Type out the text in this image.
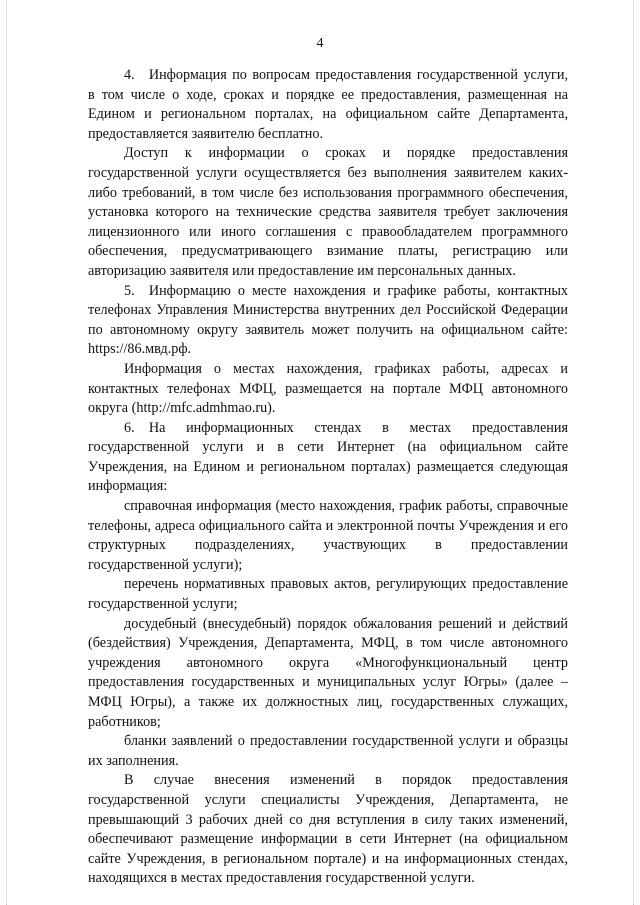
4

4. Информация по вопросам предоставления государственной услуги, в том числе о ходе, сроках и порядке ее предоставления, размещенная на Едином и региональном порталах, на официальном сайте Департамента, предоставляется заявителю бесплатно.

Доступ к информации о сроках и порядке предоставления государственной услуги осуществляется без выполнения заявителем каких-либо требований, в том числе без использования программного обеспечения, установка которого на технические средства заявителя требует заключения лицензионного или иного соглашения с правообладателем программного обеспечения, предусматривающего взимание платы, регистрацию или авторизацию заявителя или предоставление им персональных данных.

5. Информацию о месте нахождения и графике работы, контактных телефонах Управления Министерства внутренних дел Российской Федерации по автономному округу заявитель может получить на официальном сайте: https://86.мвд.рф.

Информация о местах нахождения, графиках работы, адресах и контактных телефонах МФЦ, размещается на портале МФЦ автономного округа (http://mfc.admhmao.ru).

6. На информационных стендах в местах предоставления государственной услуги и в сети Интернет (на официальном сайте Учреждения, на Едином и региональном порталах) размещается следующая информация:

справочная информация (место нахождения, график работы, справочные телефоны, адреса официального сайта и электронной почты Учреждения и его структурных подразделениях, участвующих в предоставлении государственной услуги);

перечень нормативных правовых актов, регулирующих предоставление государственной услуги;

досудебный (внесудебный) порядок обжалования решений и действий (бездействия) Учреждения, Департамента, МФЦ, в том числе автономного учреждения автономного округа «Многофункциональный центр предоставления государственных и муниципальных услуг Югры» (далее – МФЦ Югры), а также их должностных лиц, государственных служащих, работников;

бланки заявлений о предоставлении государственной услуги и образцы их заполнения.

В случае внесения изменений в порядок предоставления государственной услуги специалисты Учреждения, Департамента, не превышающий 3 рабочих дней со дня вступления в силу таких изменений, обеспечивают размещение информации в сети Интернет (на официальном сайте Учреждения, в региональном портале) и на информационных стендах, находящихся в местах предоставления государственной услуги.
